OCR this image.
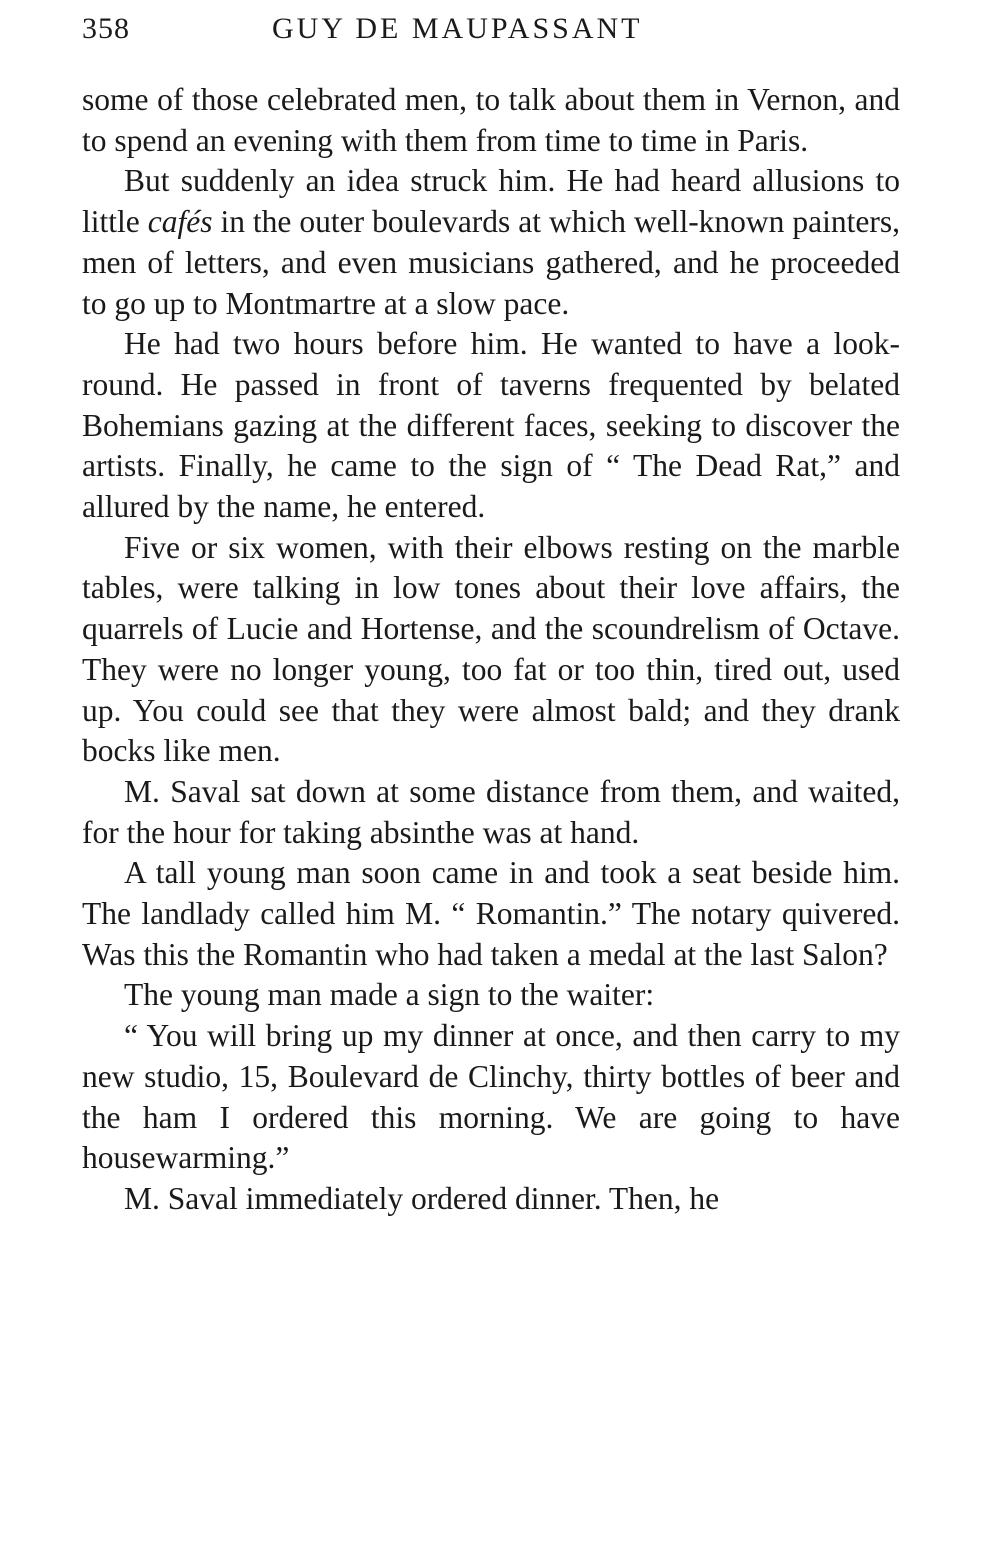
358	GUY DE MAUPASSANT

some of those celebrated men, to talk about them in Vernon, and to spend an evening with them from time to time in Paris.

But suddenly an idea struck him. He had heard allusions to little cafés in the outer boulevards at which well-known painters, men of letters, and even musicians gathered, and he proceeded to go up to Montmartre at a slow pace.

He had two hours before him. He wanted to have a look-round. He passed in front of taverns frequented by belated Bohemians gazing at the different faces, seeking to discover the artists. Finally, he came to the sign of “ The Dead Rat,” and allured by the name, he entered.

Five or six women, with their elbows resting on the marble tables, were talking in low tones about their love affairs, the quarrels of Lucie and Hortense, and the scoundrelism of Octave. They were no longer young, too fat or too thin, tired out, used up. You could see that they were almost bald; and they drank bocks like men.

M. Saval sat down at some distance from them, and waited, for the hour for taking absinthe was at hand.

A tall young man soon came in and took a seat beside him. The landlady called him M. “ Romantin.” The notary quivered. Was this the Romantin who had taken a medal at the last Salon?

The young man made a sign to the waiter:

“ You will bring up my dinner at once, and then carry to my new studio, 15, Boulevard de Clinchy, thirty bottles of beer and the ham I ordered this morning. We are going to have housewarming.”

M. Saval immediately ordered dinner. Then, he
